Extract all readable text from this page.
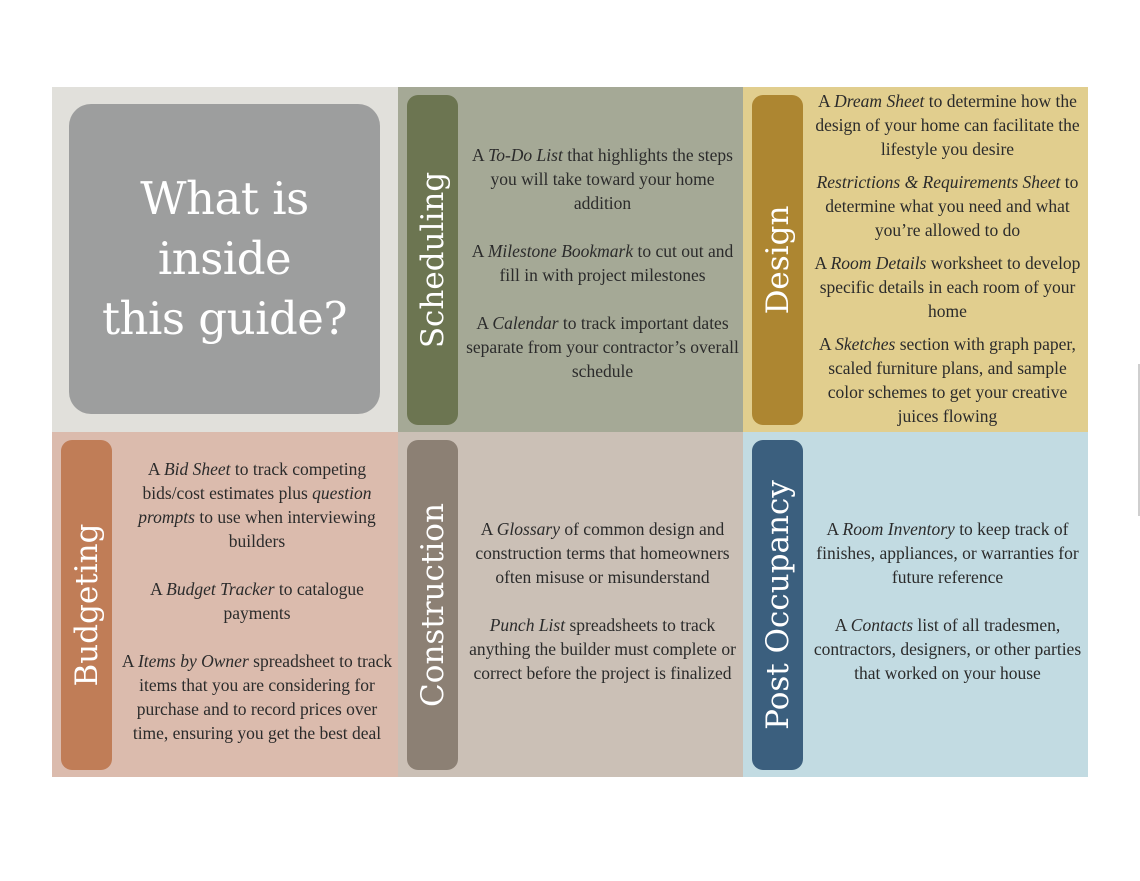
What is
inside
this guide? Scheduling

A To-Do List that highlights the steps you will take toward your home addition

A Milestone Bookmark to cut out and fill in with project milestones

A Calendar to track important dates separate from your contractor’s overall schedule

Design

A Dream Sheet to determine how the design of your home can facilitate the lifestyle you desire

Restrictions & Requirements Sheet to determine what you need and what you’re allowed to do

A Room Details worksheet to develop specific details in each room of your home

A Sketches section with graph paper, scaled furniture plans, and sample color schemes to get your creative juices flowing

Budgeting

A Bid Sheet to track competing bids/cost estimates plus question prompts to use when interviewing builders

A Budget Tracker to catalogue payments

A Items by Owner spreadsheet to track items that you are considering for purchase and to record prices over time, ensuring you get the best deal

Construction	A Glossary of common design and construction terms that homeowners often misuse or misunderstand

Punch List spreadsheets to track anything the builder must complete or correct before the project is finalized Post Occupancy	A Room Inventory to keep track of finishes, appliances, or warranties for future reference

A Contacts list of all tradesmen, contractors, designers, or other parties that worked on your house
